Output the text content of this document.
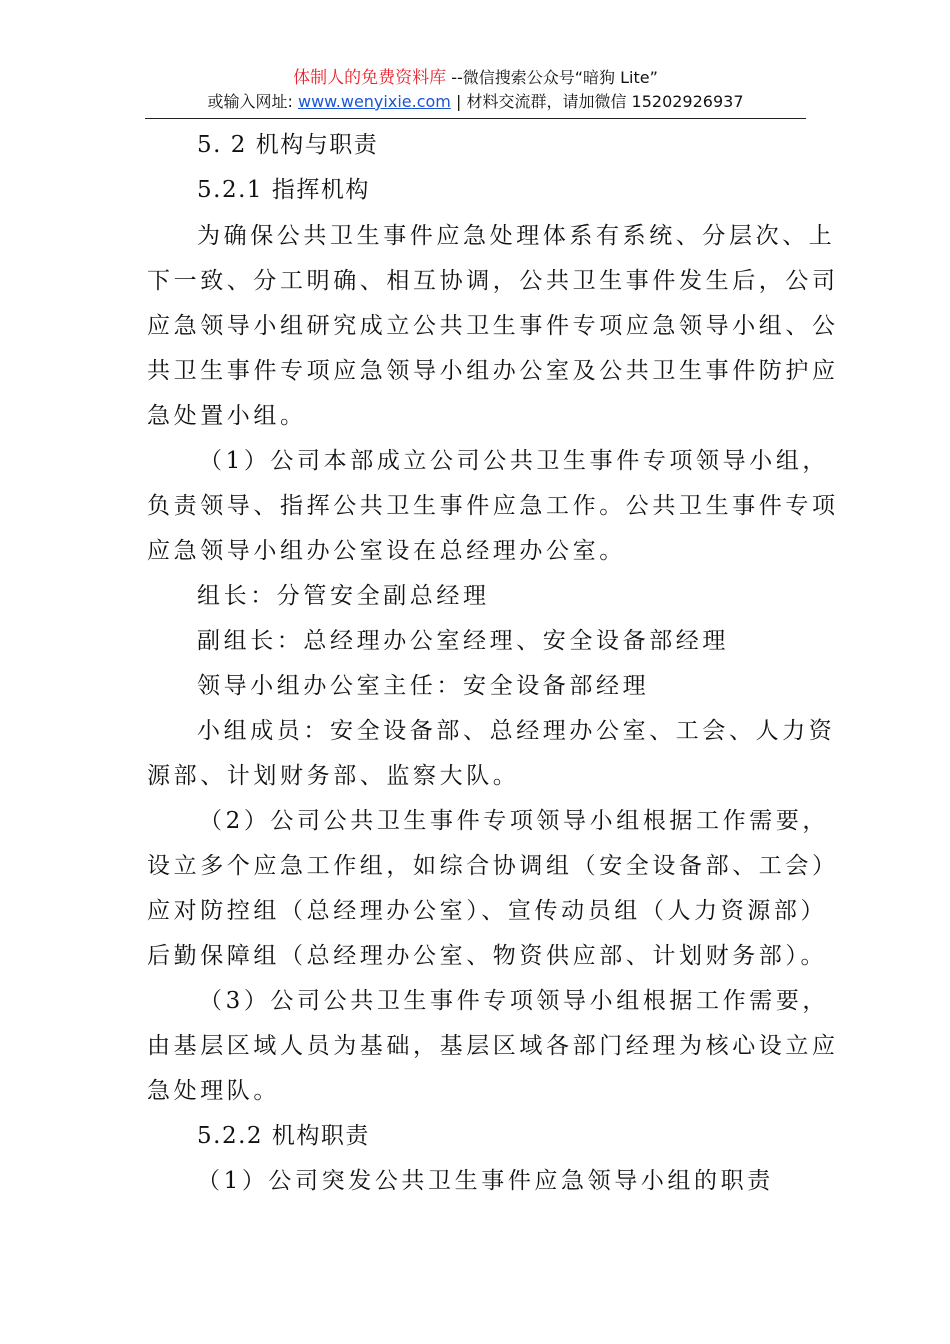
体制人的免费资料库 --微信搜索公众号“暗狗 Lite”
或输入网址: www.wenyixie.com | 材料交流群，请加微信 15202926937
5. 2 机构与职责
5.2.1 指挥机构
为确保公共卫生事件应急处理体系有系统、分层次、上
下一致、分工明确、相互协调，公共卫生事件发生后，公司
应急领导小组研究成立公共卫生事件专项应急领导小组、公
共卫生事件专项应急领导小组办公室及公共卫生事件防护应
急处置小组。
（1）公司本部成立公司公共卫生事件专项领导小组，
负责领导、指挥公共卫生事件应急工作。公共卫生事件专项
应急领导小组办公室设在总经理办公室。
组长：分管安全副总经理
副组长：总经理办公室经理、安全设备部经理
领导小组办公室主任：安全设备部经理
小组成员：安全设备部、总经理办公室、工会、人力资
源部、计划财务部、监察大队。
（2）公司公共卫生事件专项领导小组根据工作需要，
设立多个应急工作组，如综合协调组（安全设备部、工会）
应对防控组（总经理办公室）、宣传动员组（人力资源部）
后勤保障组（总经理办公室、物资供应部、计划财务部）。
（3）公司公共卫生事件专项领导小组根据工作需要，
由基层区域人员为基础，基层区域各部门经理为核心设立应
急处理队。
5.2.2 机构职责
（1）公司突发公共卫生事件应急领导小组的职责
